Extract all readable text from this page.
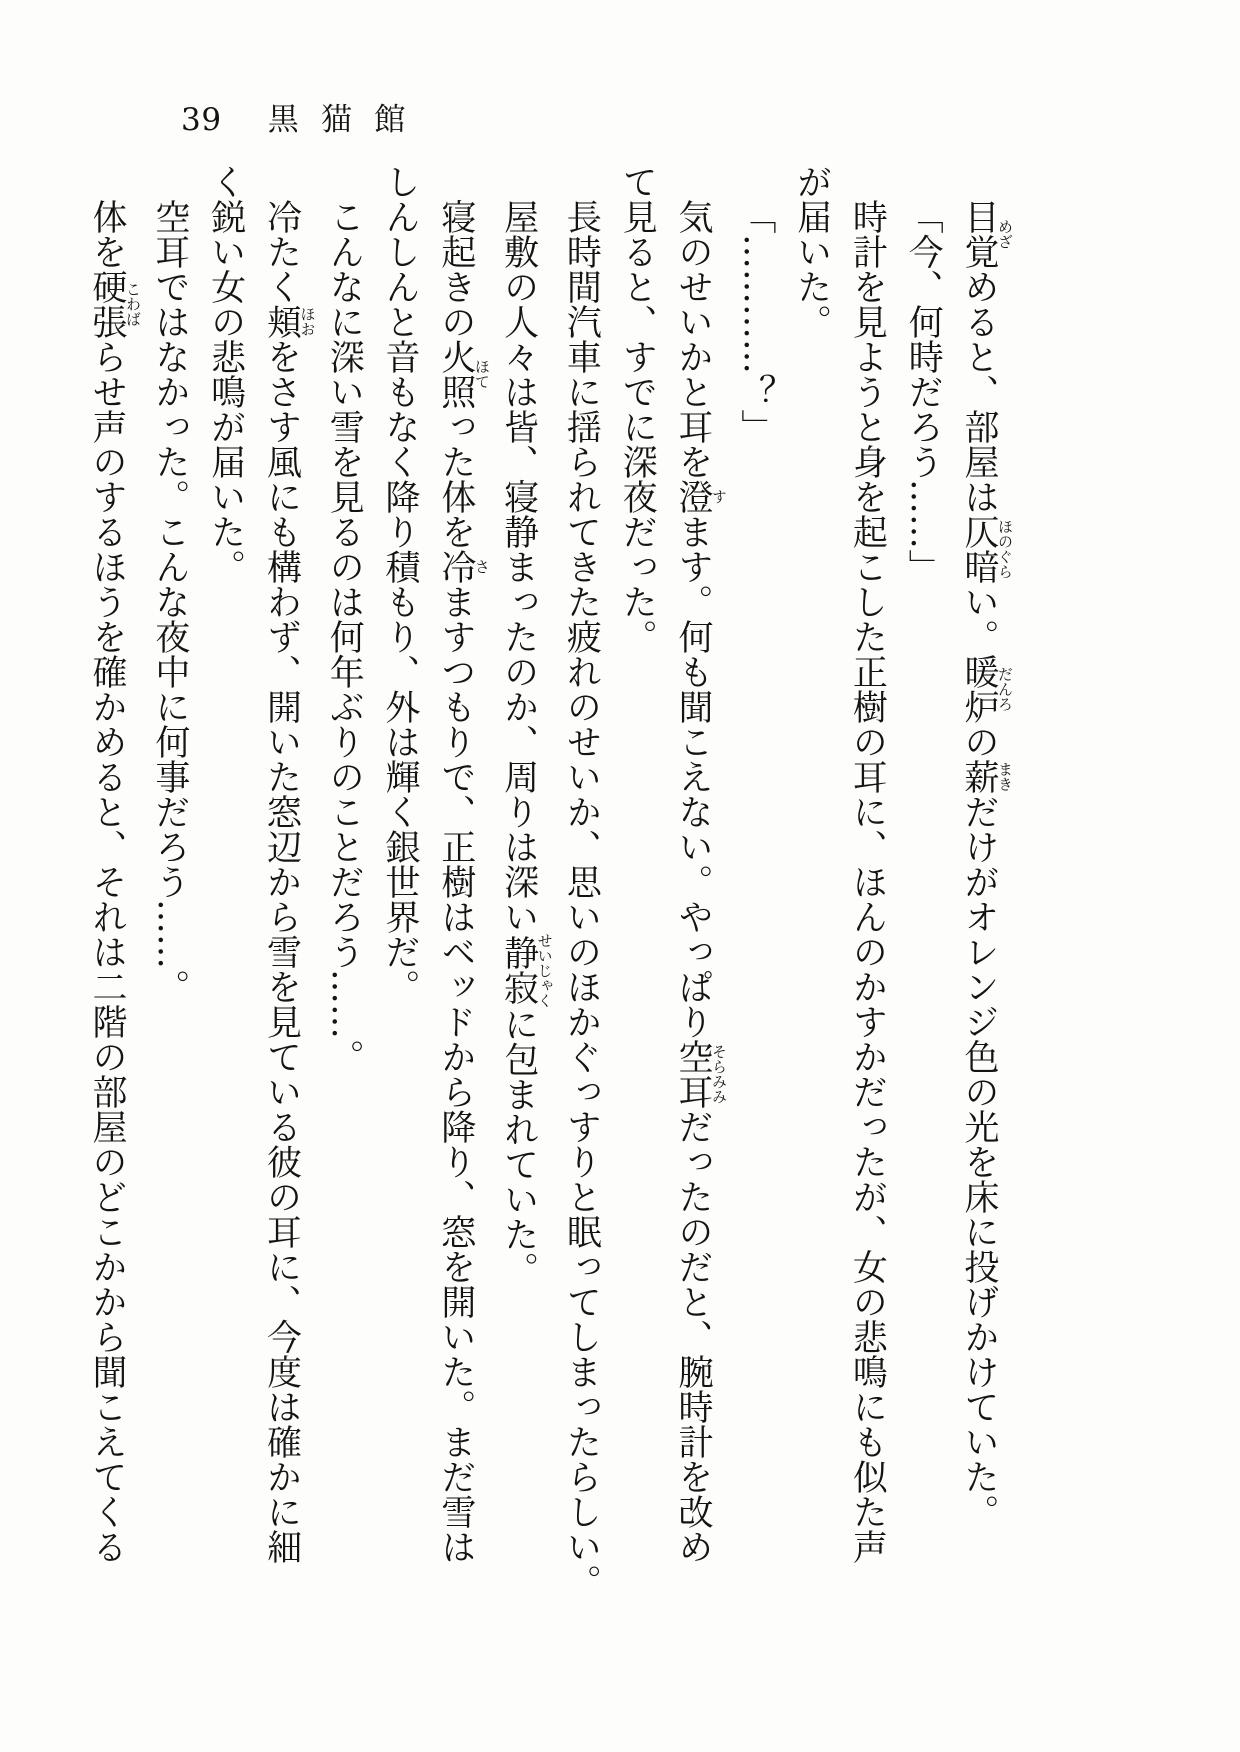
39 黒猫館

目覚めざめると、部屋は仄暗ほのぐらい。暖炉だんろの薪まきだけがオレンジ色の光を床に投げかけていた。

「今、何時だろう……」

時計を見ようと身を起こした正樹の耳に、ほんのかすかだったが、女の悲鳴にも似た声
が届いた。

「…………？」

気のせいかと耳を澄すます。何も聞こえない。やっぱり空耳そらみみだったのだと、腕時計を改め
て見ると、すでに深夜だった。

長時間汽車に揺られてきた疲れのせいか、思いのほかぐっすりと眠ってしまったらしい。

屋敷の人々は皆、寝静まったのか、周りは深い静寂せいじゃくに包まれていた。

寝起きの火照ほてった体を冷さますつもりで、正樹はベッドから降り、窓を開いた。まだ雪は
しんしんと音もなく降り積もり、外は輝く銀世界だ。

こんなに深い雪を見るのは何年ぶりのことだろう……。

冷たく頬ほおをさす風にも構わず、開いた窓辺から雪を見ている彼の耳に、今度は確かに細
く鋭い女の悲鳴が届いた。

空耳ではなかった。こんな夜中に何事だろう……。

体を硬張こわばらせ声のするほうを確かめると、それは二階の部屋のどこかから聞こえてくる
